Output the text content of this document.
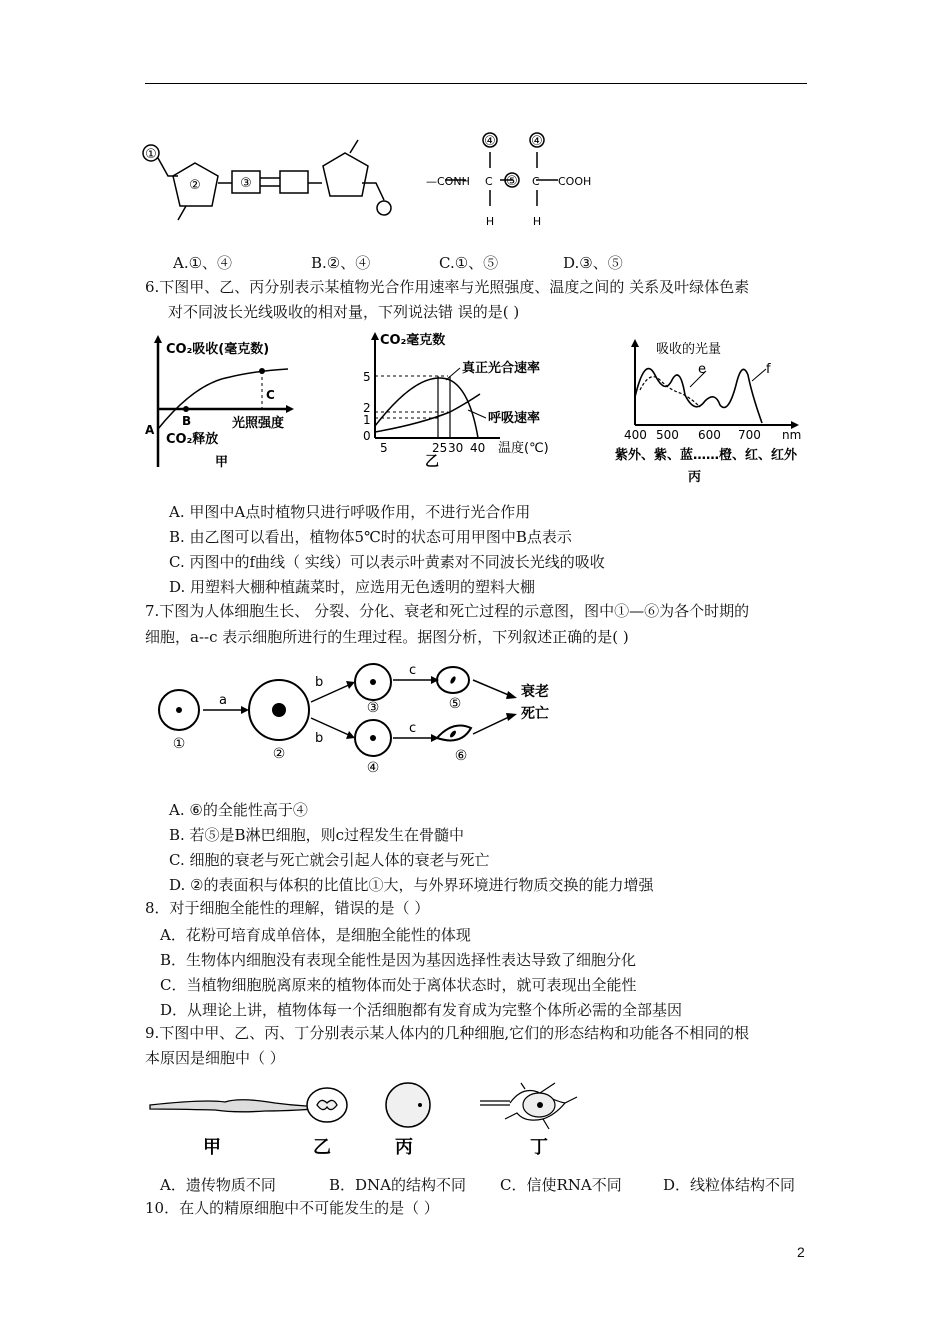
①
②	③	—CONH C	C COOH
⑤
④	④
H	H
A.①、④	B.②、④	C.①、⑤	D.③、⑤
6.下图甲、乙、丙分别表示某植物光合作用速率与光照强度、温度之间的 关系及叶绿体色素
对不同波长光线吸收的相对量，下列说法错 误的是( )
CO₂吸收(毫克数)
光照强度
CO₂释放
A
B
C
甲
CO₂毫克数
真正光合速率
呼吸速率
5
2
1
0
5	25 30 40 温度(℃)
乙
吸收的光量
e	f
400 500 600 700 nm
紫外、紫、蓝……橙、红、红外
丙
A. 甲图中A点时植物只进行呼吸作用，不进行光合作用
B. 由乙图可以看出，植物体5℃时的状态可用甲图中B点表示
C. 丙图中的f曲线（ 实线）可以表示叶黄素对不同波长光线的吸收
D. 用塑料大棚种植蔬菜时，应选用无色透明的塑料大棚
7.下图为人体细胞生长、 分裂、分化、衰老和死亡过程的示意图，图中①—⑥为各个时期的
细胞，a--c 表示细胞所进行的生理过程。据图分析，下列叙述正确的是( )
a
b
b
c
c
衰老
死亡
①
②
③
④
⑤
⑥
A. ⑥的全能性高于④
B. 若⑤是B淋巴细胞，则c过程发生在骨髓中
C. 细胞的衰老与死亡就会引起人体的衰老与死亡
D. ②的表面积与体积的比值比①大，与外界环境进行物质交换的能力增强
8．对于细胞全能性的理解，错误的是（ ）
A．花粉可培育成单倍体，是细胞全能性的体现
B．生物体内细胞没有表现全能性是因为基因选择性表达导致了细胞分化
C．当植物细胞脱离原来的植物体而处于离体状态时，就可表现出全能性
D．从理论上讲，植物体每一个活细胞都有发育成为完整个体所必需的全部基因
9.下图中甲、乙、丙、丁分别表示某人体内的几种细胞,它们的形态结构和功能各不相同的根
本原因是细胞中（ ）
甲	乙	丙	丁
A．遗传物质不同	B．DNA的结构不同 C．信使RNA不同	D．线粒体结构不同
10．在人的精原细胞中不可能发生的是（ ）
2
